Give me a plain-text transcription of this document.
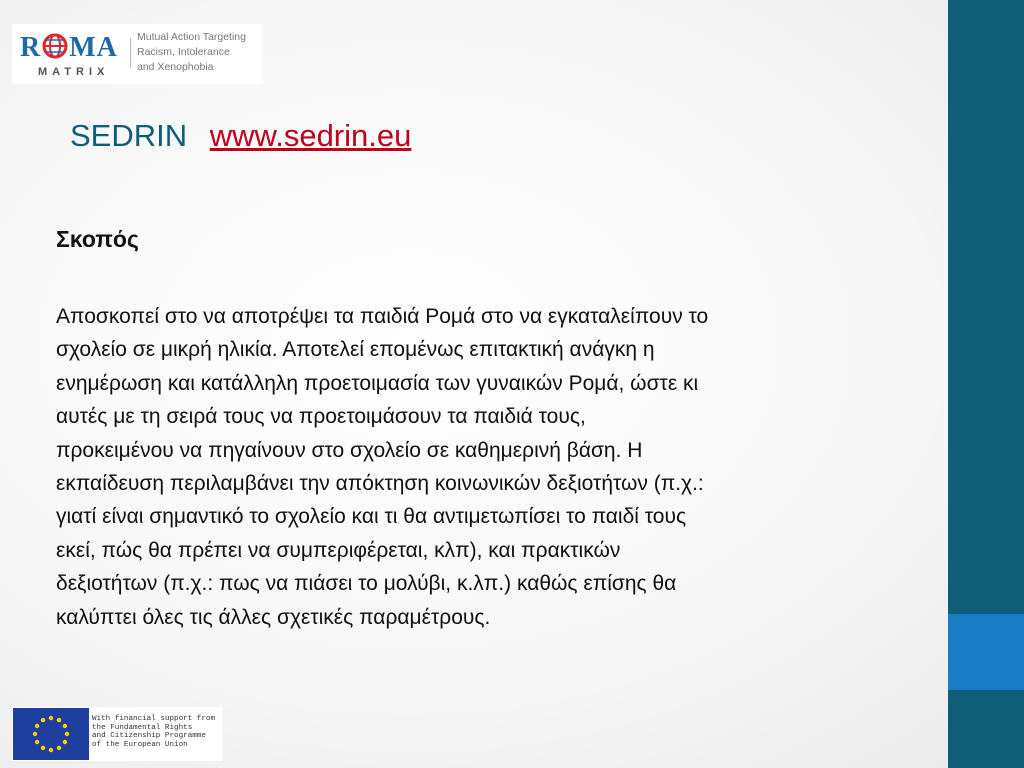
R MA
MATRIX
Mutual Action Targeting
Racism, Intolerance
and Xenophobia
SEDRIN www.sedrin.eu
Σκοπός
Αποσκοπεί στο να αποτρέψει τα παιδιά Ρομά στο να εγκαταλείπουν το
σχολείο σε μικρή ηλικία. Αποτελεί επομένως επιτακτική ανάγκη η
ενημέρωση και κατάλληλη προετοιμασία των γυναικών Ρομά, ώστε κι
αυτές με τη σειρά τους να προετοιμάσουν τα παιδιά τους,
προκειμένου να πηγαίνουν στο σχολείο σε καθημερινή βάση. Η
εκπαίδευση περιλαμβάνει την απόκτηση κοινωνικών δεξιοτήτων (π.χ.:
γιατί είναι σημαντικό το σχολείο και τι θα αντιμετωπίσει το παιδί τους
εκεί, πώς θα πρέπει να συμπεριφέρεται, κλπ), και πρακτικών
δεξιοτήτων (π.χ.: πως να πιάσει το μολύβι, κ.λπ.) καθώς επίσης θα
καλύπτει όλες τις άλλες σχετικές παραμέτρους.
With financial support from
the Fundamental Rights
and Citizenship Programme
of the European Union
